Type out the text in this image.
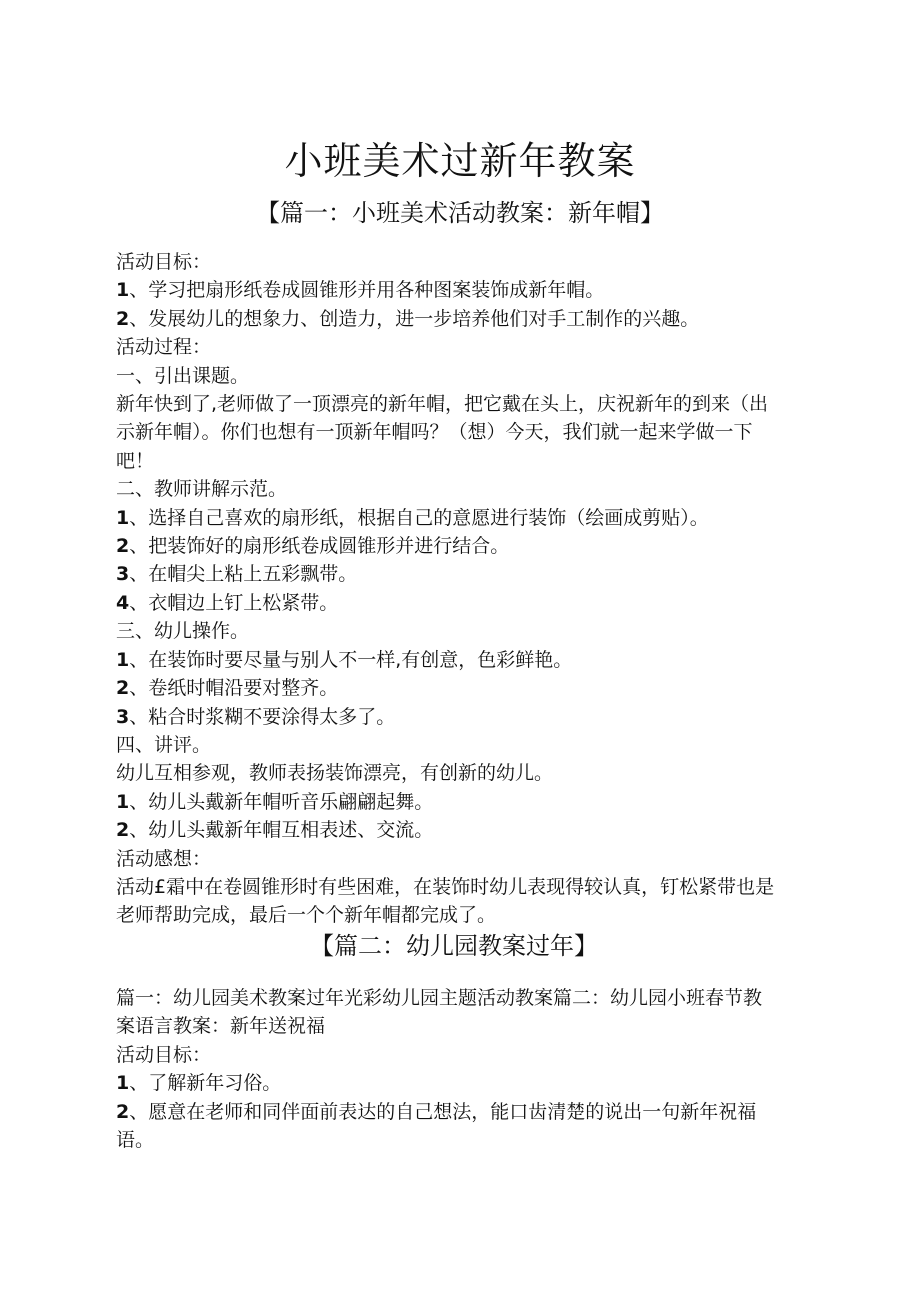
小班美术过新年教案
【篇一：小班美术活动教案：新年帽】
活动目标：
1、学习把扇形纸卷成圆锥形并用各种图案装饰成新年帽。
2、发展幼儿的想象力、创造力，进一步培养他们对手工制作的兴趣。
活动过程：
一、引出课题。
新年快到了,老师做了一顶漂亮的新年帽，把它戴在头上，庆祝新年的到来（出
示新年帽）。你们也想有一顶新年帽吗？（想）今天，我们就一起来学做一下
吧！
二、教师讲解示范。
1、选择自己喜欢的扇形纸，根据自己的意愿进行装饰（绘画成剪贴）。
2、把装饰好的扇形纸卷成圆锥形并进行结合。
3、在帽尖上粘上五彩飘带。
4、衣帽边上钉上松紧带。
三、幼儿操作。
1、在装饰时要尽量与别人不一样,有创意，色彩鲜艳。
2、卷纸时帽沿要对整齐。
3、粘合时浆糊不要涂得太多了。
四、讲评。
幼儿互相参观，教师表扬装饰漂亮，有创新的幼儿。
1、幼儿头戴新年帽听音乐翩翩起舞。
2、幼儿头戴新年帽互相表述、交流。
活动感想：
活动£霜中在卷圆锥形时有些困难，在装饰时幼儿表现得较认真，钉松紧带也是
老师帮助完成，最后一个个新年帽都完成了。
【篇二：幼儿园教案过年】
篇一：幼儿园美术教案过年光彩幼儿园主题活动教案篇二：幼儿园小班春节教
案语言教案：新年送祝福
活动目标：
1、了解新年习俗。
2、愿意在老师和同伴面前表达的自己想法，能口齿清楚的说出一句新年祝福
语。
